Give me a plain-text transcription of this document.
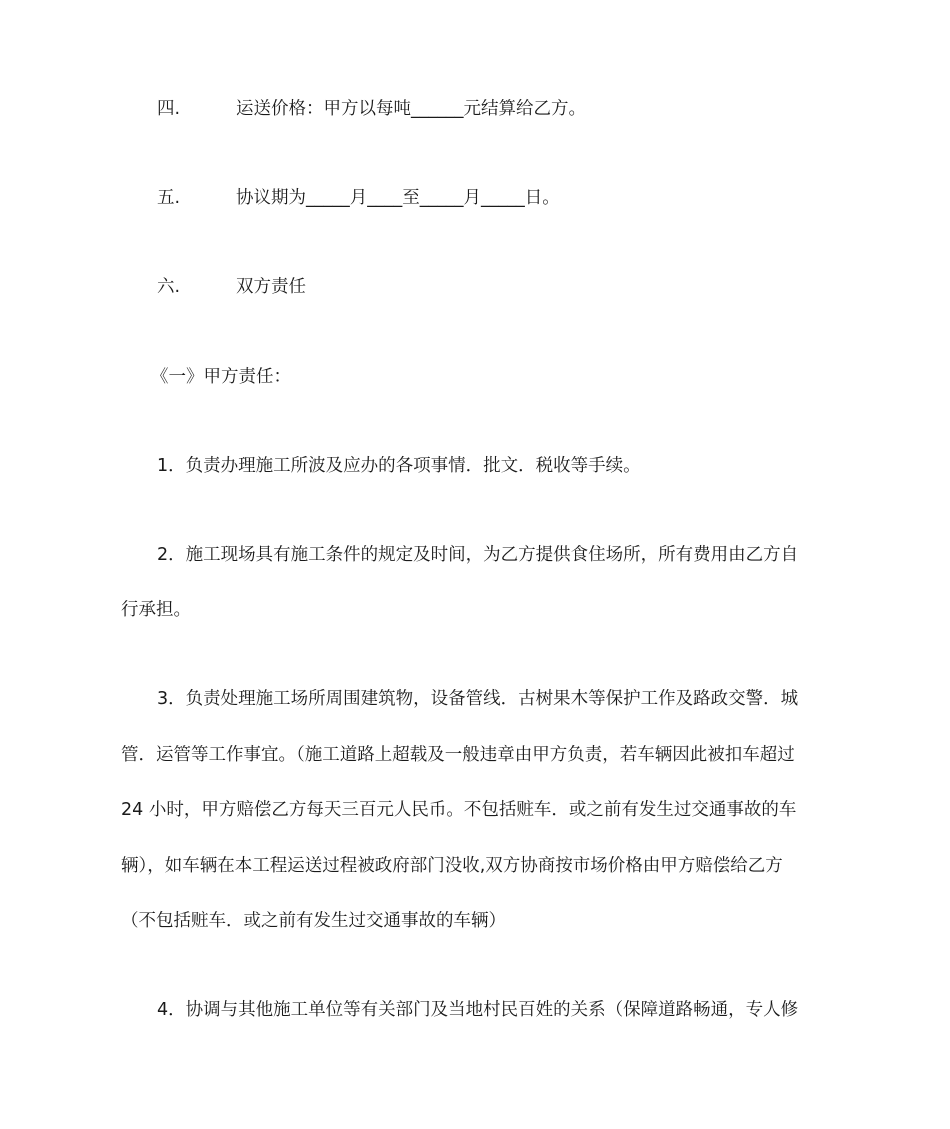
四.	运送价格：甲方以每吨______元结算给乙方。
五.	协议期为_____月____至_____月_____日。
六.	双方责任
《一》甲方责任：
1．负责办理施工所波及应办的各项事情．批文．税收等手续。
2．施工现场具有施工条件的规定及时间，为乙方提供食住场所，所有费用由乙方自
行承担。
3．负责处理施工场所周围建筑物，设备管线．古树果木等保护工作及路政交警．城
管．运管等工作事宜。（施工道路上超载及一般违章由甲方负责，若车辆因此被扣车超过
24 小时，甲方赔偿乙方每天三百元人民币。不包括赃车．或之前有发生过交通事故的车
辆），如车辆在本工程运送过程被政府部门没收,双方协商按市场价格由甲方赔偿给乙方
（不包括赃车．或之前有发生过交通事故的车辆）
4．协调与其他施工单位等有关部门及当地村民百姓的关系（保障道路畅通，专人修
